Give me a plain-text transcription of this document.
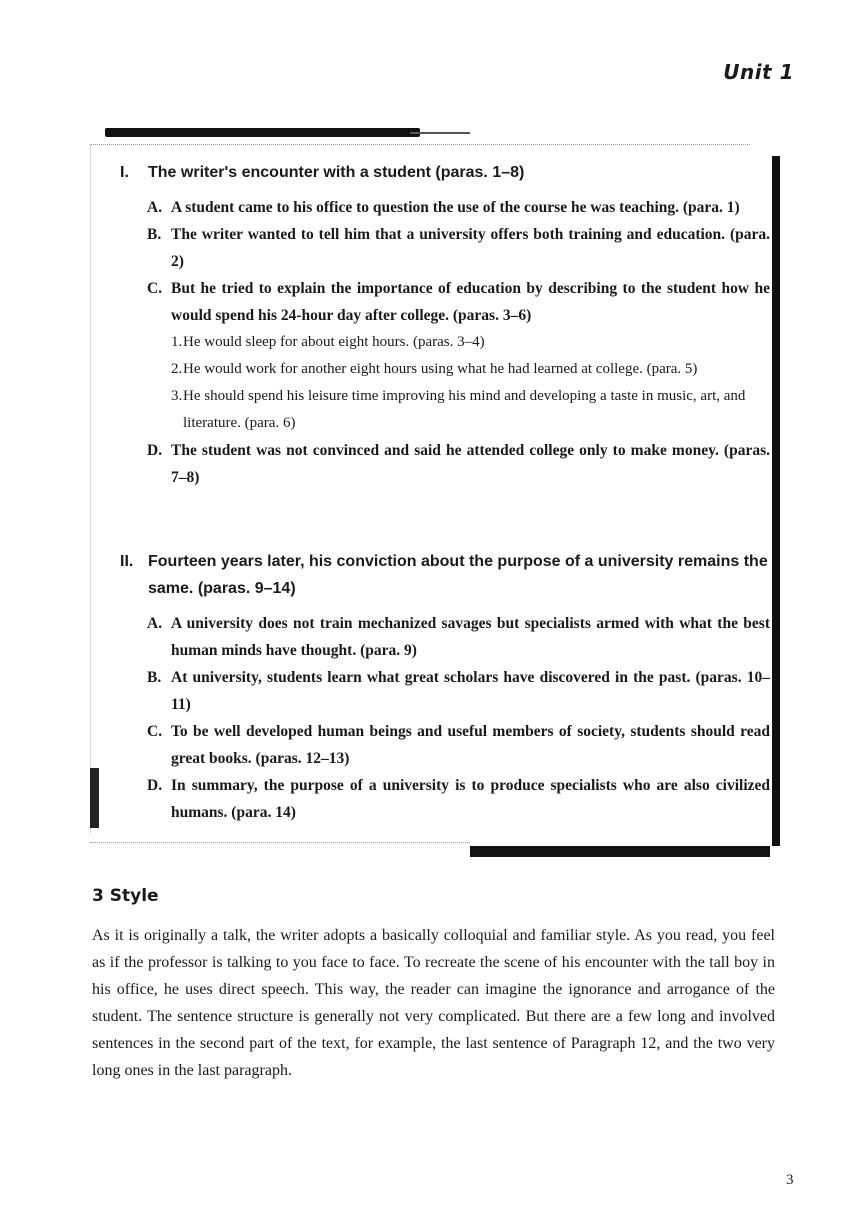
Unit 1
I.	The writer's encounter with a student (paras. 1–8)
A. A student came to his office to question the use of the course he was teaching. (para. 1)
B. The writer wanted to tell him that a university offers both training and education. (para. 2)
C. But he tried to explain the importance of education by describing to the student how he would spend his 24-hour day after college. (paras. 3–6)
1. He would sleep for about eight hours. (paras. 3–4)
2. He would work for another eight hours using what he had learned at college. (para. 5)
3. He should spend his leisure time improving his mind and developing a taste in music, art, and literature. (para. 6)
D. The student was not convinced and said he attended college only to make money. (paras. 7–8)
II. Fourteen years later, his conviction about the purpose of a university remains the same. (paras. 9–14)
A. A university does not train mechanized savages but specialists armed with what the best human minds have thought. (para. 9)
B. At university, students learn what great scholars have discovered in the past. (paras. 10–11)
C. To be well developed human beings and useful members of society, students should read great books. (paras. 12–13)
D. In summary, the purpose of a university is to produce specialists who are also civilized humans. (para. 14)
3 Style

As it is originally a talk, the writer adopts a basically colloquial and familiar style. As you read, you feel as if the professor is talking to you face to face. To recreate the scene of his encounter with the tall boy in his office, he uses direct speech. This way, the reader can imagine the ignorance and arrogance of the student. The sentence structure is generally not very complicated. But there are a few long and involved sentences in the second part of the text, for example, the last sentence of Paragraph 12, and the two very long ones in the last paragraph.

3
